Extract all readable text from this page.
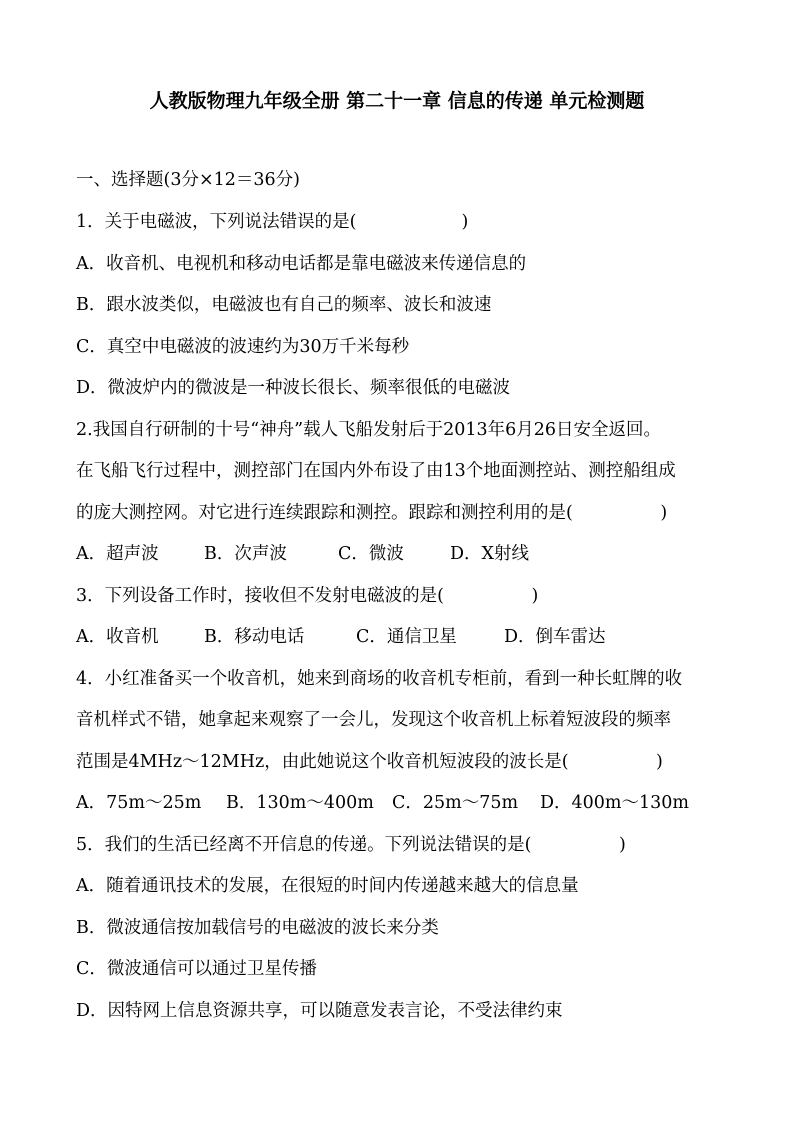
人教版物理九年级全册 第二十一章 信息的传递 单元检测题
一、选择题(3分×12＝36分)
1．关于电磁波，下列说法错误的是(　　　　　　)
A．收音机、电视机和移动电话都是靠电磁波来传递信息的
B．跟水波类似，电磁波也有自己的频率、波长和波速
C．真空中电磁波的波速约为30万千米每秒
D．微波炉内的微波是一种波长很长、频率很低的电磁波
2.我国自行研制的十号“神舟”载人飞船发射后于2013年6月26日安全返回。
在飞船飞行过程中，测控部门在国内外布设了由13个地面测控站、测控船组成
的庞大测控网。对它进行连续跟踪和测控。跟踪和测控利用的是(　　　　　)
A．超声波	B．次声波	C．微波	D．X射线
3．下列设备工作时，接收但不发射电磁波的是(　　　　　)
A．收音机	B．移动电话	C．通信卫星	D．倒车雷达
4．小红准备买一个收音机，她来到商场的收音机专柜前，看到一种长虹牌的收
音机样式不错，她拿起来观察了一会儿，发现这个收音机上标着短波段的频率
范围是4MHz～12MHz，由此她说这个收音机短波段的波长是(　　　　　)
A．75m～25m B．130m～400m C．25m～75m D．400m～130m
5．我们的生活已经离不开信息的传递。下列说法错误的是(　　　　　)
A．随着通讯技术的发展，在很短的时间内传递越来越大的信息量
B．微波通信按加载信号的电磁波的波长来分类
C．微波通信可以通过卫星传播
D．因特网上信息资源共享，可以随意发表言论，不受法律约束
